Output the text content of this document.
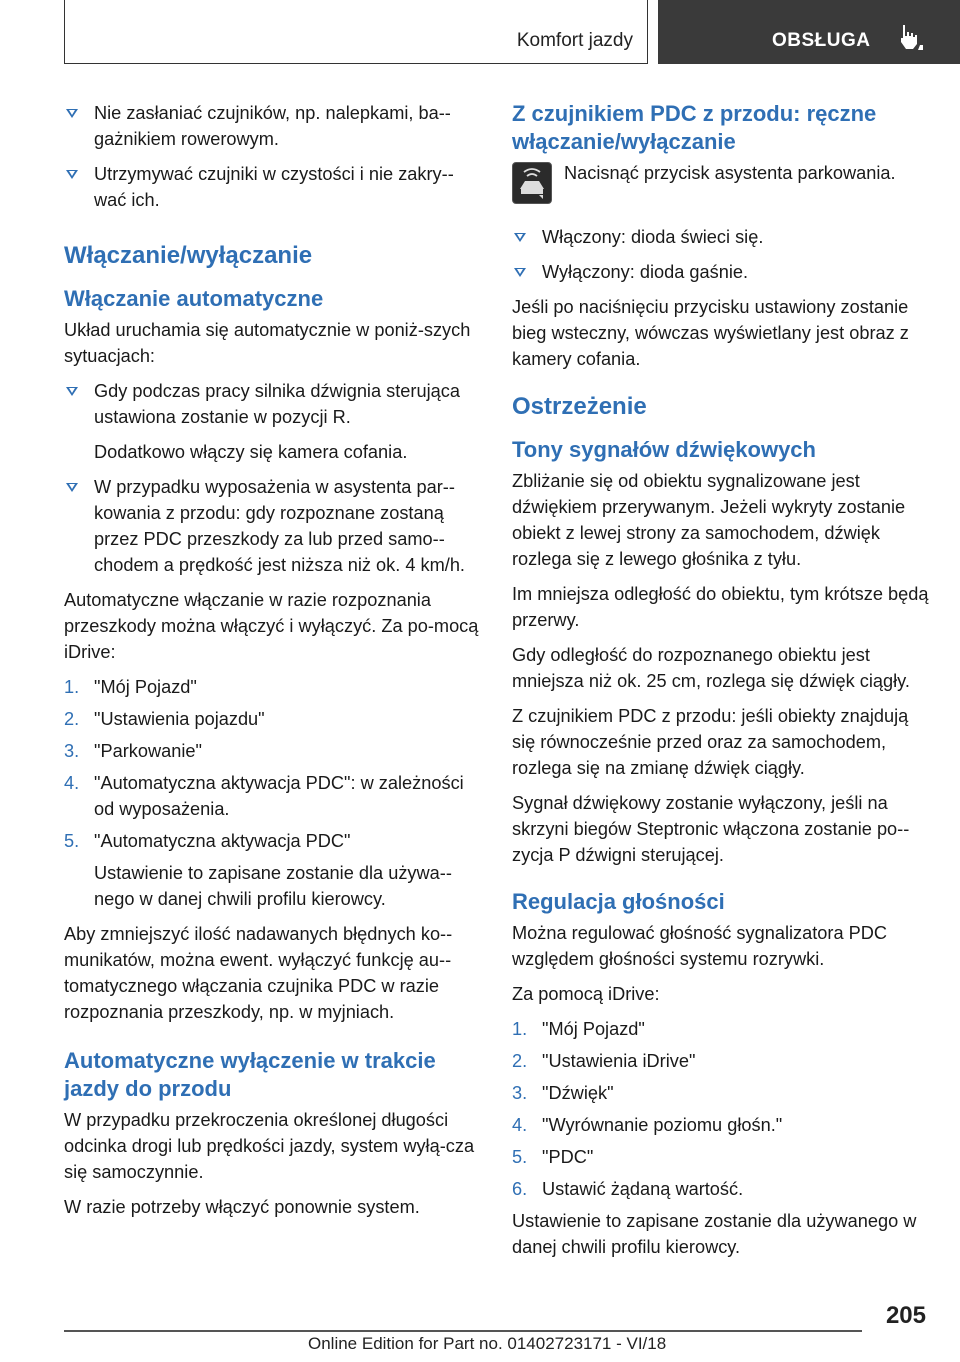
Komfort jazdy	OBSŁUGA
Nie zasłaniać czujników, np. nalepkami, ba-gażnikiem rowerowym.
Utrzymywać czujniki w czystości i nie zakry-wać ich.
Włączanie/wyłączanie
Włączanie automatyczne

Układ uruchamia się automatycznie w poniż-szych sytuacjach:

Gdy podczas pracy silnika dźwignia sterująca ustawiona zostanie w pozycji R.
Dodatkowo włączy się kamera cofania.
W przypadku wyposażenia w asystenta par-kowania z przodu: gdy rozpoznane zostaną przez PDC przeszkody za lub przed samo-chodem a prędkość jest niższa niż ok. 4 km/h.

Automatyczne włączanie w razie rozpoznania przeszkody można włączyć i wyłączyć. Za po-mocą iDrive:

1. "Mój Pojazd"
2. "Ustawienia pojazdu"
3. "Parkowanie"
4. "Automatyczna aktywacja PDC": w zależności od wyposażenia.
5. "Automatyczna aktywacja PDC"
Ustawienie to zapisane zostanie dla używa-nego w danej chwili profilu kierowcy.

Aby zmniejszyć ilość nadawanych błędnych ko-munikatów, można ewent. wyłączyć funkcję au-tomatycznego włączania czujnika PDC w razie rozpoznania przeszkody, np. w myjniach.

Automatyczne wyłączenie w trakcie jazdy do przodu

W przypadku przekroczenia określonej długości odcinka drogi lub prędkości jazdy, system wyłą-cza się samoczynnie.

W razie potrzeby włączyć ponownie system.

Z czujnikiem PDC z przodu: ręczne włączanie/wyłączanie
Nacisnąć przycisk asystenta parkowania.
Włączony: dioda świeci się.
Wyłączony: dioda gaśnie.

Jeśli po naciśnięciu przycisku ustawiony zostanie bieg wsteczny, wówczas wyświetlany jest obraz z kamery cofania.

Ostrzeżenie
Tony sygnałów dźwiękowych

Zbliżanie się od obiektu sygnalizowane jest dźwiękiem przerywanym. Jeżeli wykryty zostanie obiekt z lewej strony za samochodem, dźwięk rozlega się z lewego głośnika z tyłu.

Im mniejsza odległość do obiektu, tym krótsze będą przerwy.

Gdy odległość do rozpoznanego obiektu jest mniejsza niż ok. 25 cm, rozlega się dźwięk ciągły.

Z czujnikiem PDC z przodu: jeśli obiekty znajdują się równocześnie przed oraz za samochodem, rozlega się na zmianę dźwięk ciągły.

Sygnał dźwiękowy zostanie wyłączony, jeśli na skrzyni biegów Steptronic włączona zostanie po-zycja P dźwigni sterującej.

Regulacja głośności

Można regulować głośność sygnalizatora PDC względem głośności systemu rozrywki.

Za pomocą iDrive:

1. "Mój Pojazd"
2. "Ustawienia iDrive"
3. "Dźwięk"
4. "Wyrównanie poziomu głośn."
5. "PDC"
6. Ustawić żądaną wartość.

Ustawienie to zapisane zostanie dla używanego w danej chwili profilu kierowcy.

205
Online Edition for Part no. 01402723171 - VI/18
